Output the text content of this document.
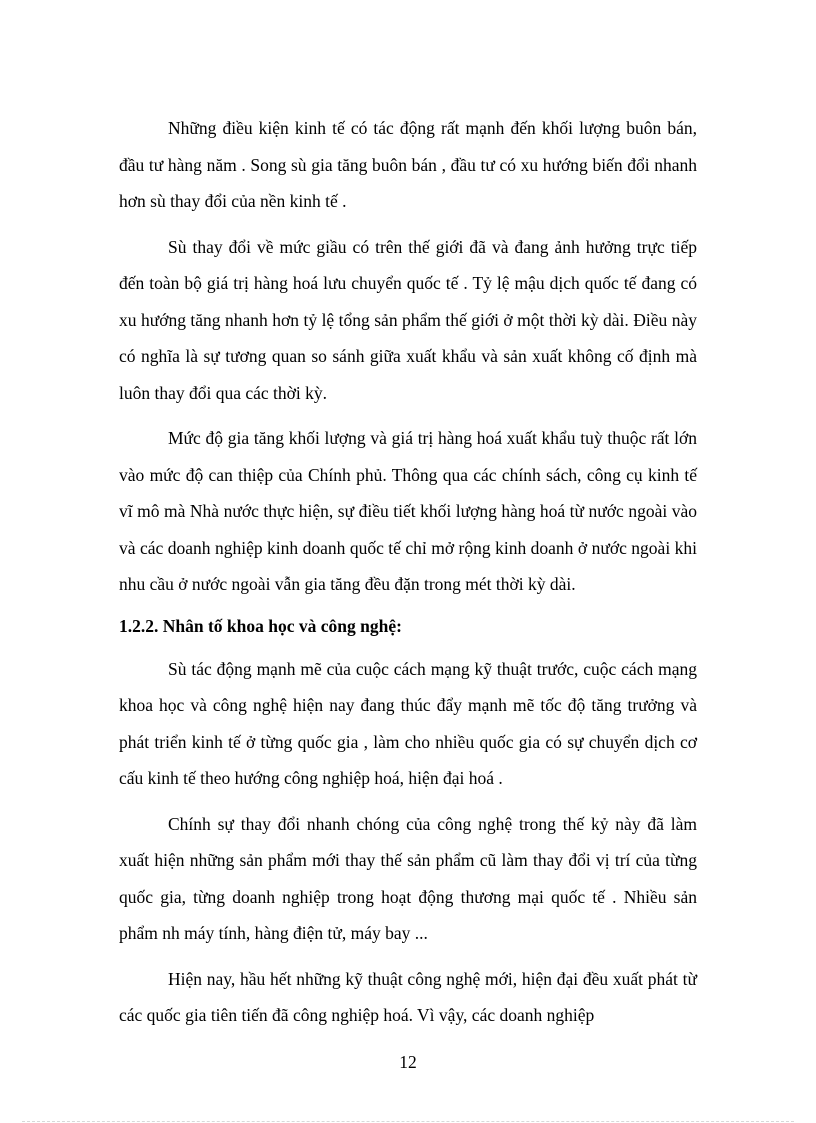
Những điều kiện kinh tế có tác động rất mạnh đến khối lượng buôn bán, đầu tư hàng năm . Song sù gia tăng buôn bán , đầu tư có xu hướng biến đổi nhanh hơn sù thay đổi của nền kinh tế .

Sù thay đổi về mức giầu có trên thế giới đã và đang ảnh hưởng trực tiếp đến toàn bộ giá trị hàng hoá lưu chuyển quốc tế . Tỷ lệ mậu dịch quốc tế đang có xu hướng tăng nhanh hơn tỷ lệ tổng sản phẩm thế giới ở một thời kỳ dài. Điều này có nghĩa là sự tương quan so sánh giữa xuất khẩu và sản xuất không cố định mà luôn thay đổi qua các thời kỳ.

Mức độ gia tăng khối lượng và giá trị hàng hoá xuất khẩu tuỳ thuộc rất lớn vào mức độ can thiệp của Chính phủ. Thông qua các chính sách, công cụ kinh tế vĩ mô mà Nhà nước thực hiện, sự điều tiết khối lượng hàng hoá từ nước ngoài vào và các doanh nghiệp kinh doanh quốc tế chỉ mở rộng kinh doanh ở nước ngoài khi nhu cầu ở nước ngoài vẫn gia tăng đều đặn trong mét thời kỳ dài.

1.2.2. Nhân tố khoa học và công nghệ:

Sù tác động mạnh mẽ của cuộc cách mạng kỹ thuật trước, cuộc cách mạng khoa học và công nghệ hiện nay đang thúc đẩy mạnh mẽ tốc độ tăng trưởng và phát triển kinh tế ở từng quốc gia , làm cho nhiều quốc gia có sự chuyển dịch cơ cấu kinh tế theo hướng công nghiệp hoá, hiện đại hoá .

Chính sự thay đổi nhanh chóng của công nghệ trong thế kỷ này đã làm xuất hiện những sản phẩm mới thay thế sản phẩm cũ làm thay đổi vị trí của từng quốc gia, từng doanh nghiệp trong hoạt động thương mại quốc tế . Nhiều sản phẩm nh máy tính, hàng điện tử, máy bay ...

Hiện nay, hầu hết những kỹ thuật công nghệ mới, hiện đại đều xuất phát từ các quốc gia tiên tiến đã công nghiệp hoá. Vì vậy, các doanh nghiệp

12
